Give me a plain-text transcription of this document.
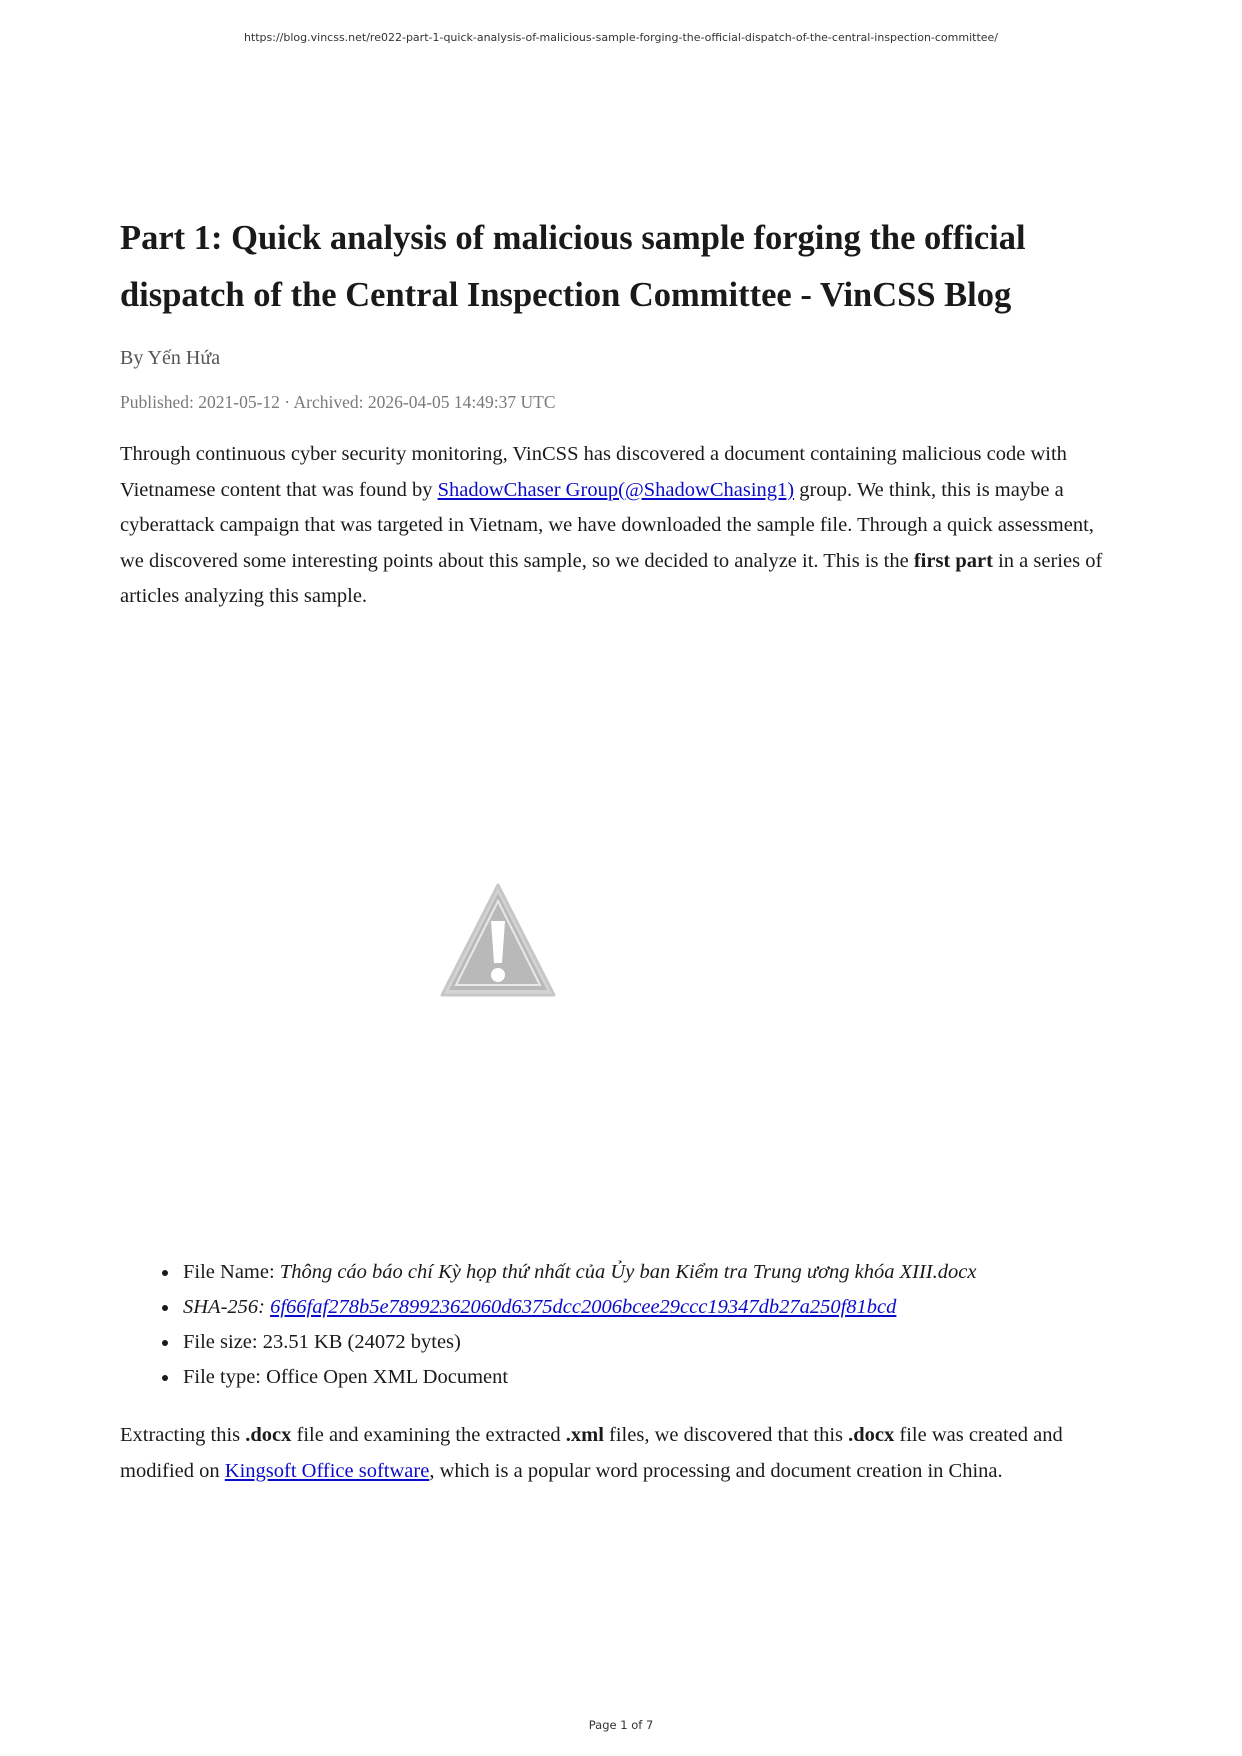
https://blog.vincss.net/re022-part-1-quick-analysis-of-malicious-sample-forging-the-official-dispatch-of-the-central-inspection-committee/
Part 1: Quick analysis of malicious sample forging the official dispatch of the Central Inspection Committee - VinCSS Blog
By Yến Hứa
Published: 2021-05-12 · Archived: 2026-04-05 14:49:37 UTC

Through continuous cyber security monitoring, VinCSS has discovered a document containing malicious code with Vietnamese content that was found by ShadowChaser Group(@ShadowChasing1) group. We think, this is maybe a cyberattack campaign that was targeted in Vietnam, we have downloaded the sample file. Through a quick assessment, we discovered some interesting points about this sample, so we decided to analyze it. This is the first part in a series of articles analyzing this sample.

File Name: Thông cáo báo chí Kỳ họp thứ nhất của Ủy ban Kiểm tra Trung ương khóa XIII.docx
SHA-256: 6f66faf278b5e78992362060d6375dcc2006bcee29ccc19347db27a250f81bcd
File size: 23.51 KB (24072 bytes)
File type: Office Open XML Document

Extracting this .docx file and examining the extracted .xml files, we discovered that this .docx file was created and modified on Kingsoft Office software, which is a popular word processing and document creation in China.

Page 1 of 7
